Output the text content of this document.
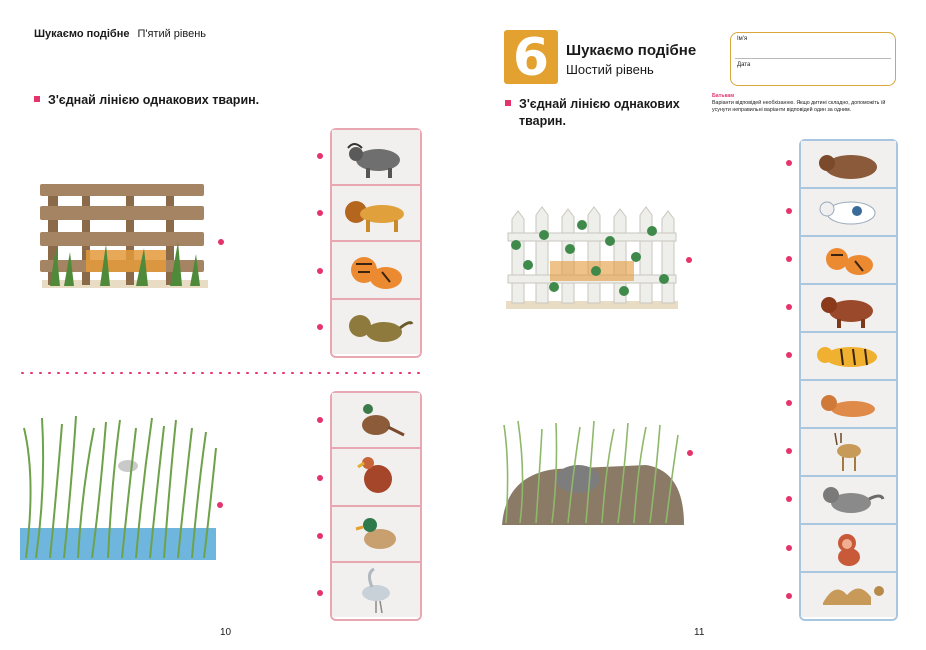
Шукаємо подібне П'ятий рівень
З'єднай лінією однакових тварин.
10
6	Шукаємо подібне
Шостий рівень
Ім'я
Дата
З'єднай лінією однакових
тварин.
Батькам
Варіанти відповідей необхізанню. Якщо дитині складно, допоможіть їй усунути неправильні варіанти відповідей один за одним.
11
